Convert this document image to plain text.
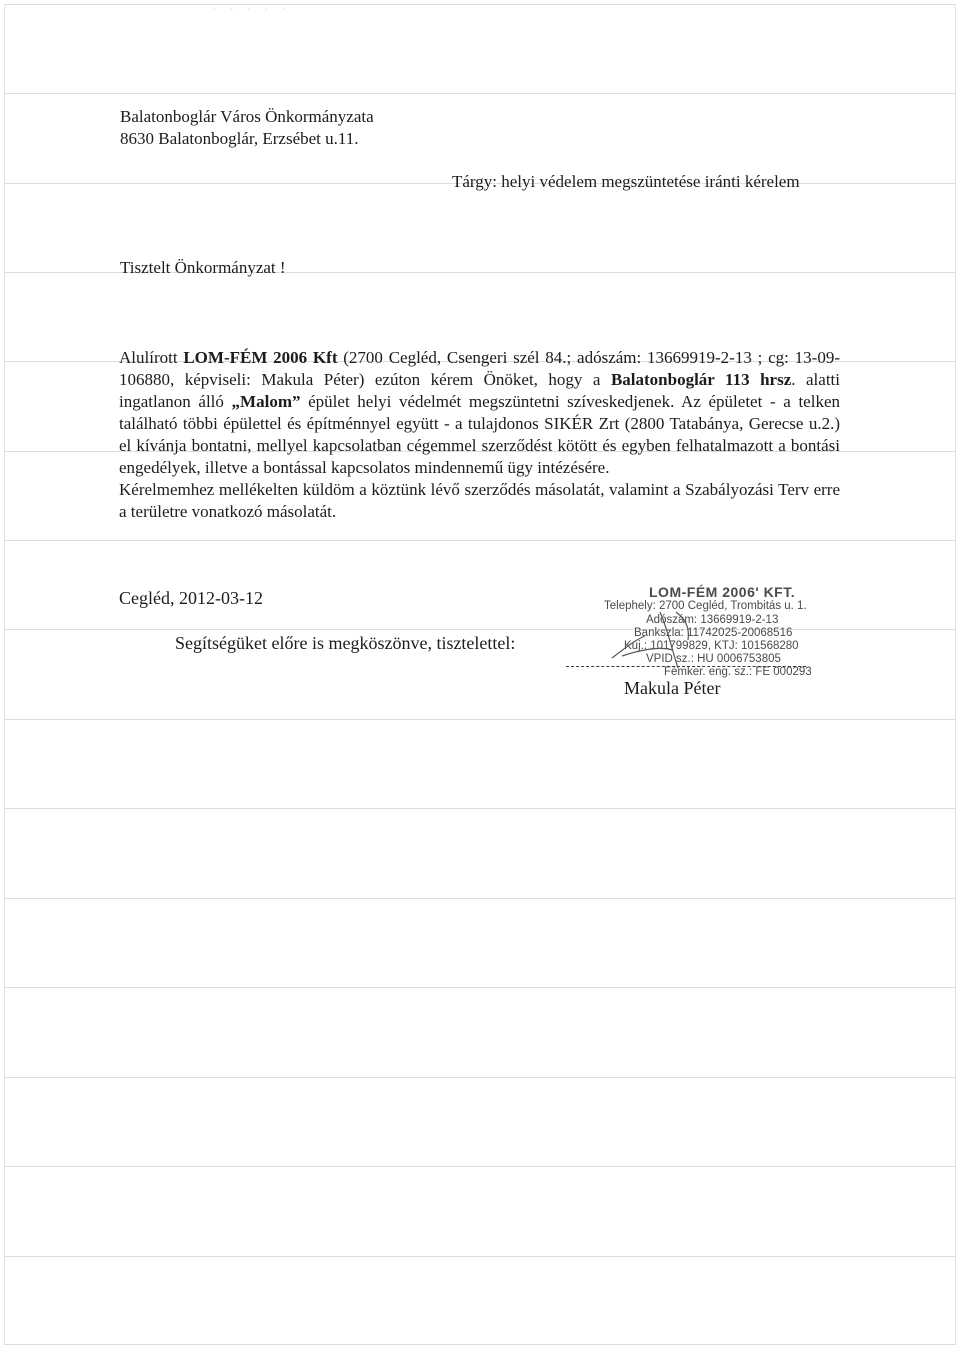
· · · · ·
Balatonboglár Város Önkormányzata
8630 Balatonboglár, Erzsébet u.11.
Tárgy: helyi védelem megszüntetése iránti kérelem
Tisztelt Önkormányzat !

Alulírott LOM-FÉM 2006 Kft (2700 Cegléd, Csengeri szél 84.; adószám: 13669919-2-13 ; cg: 13-09-106880, képviseli: Makula Péter) ezúton kérem Önöket, hogy a Balatonboglár 113 hrsz. alatti ingatlanon álló „Malom” épület helyi védelmét megszüntetni szíveskedjenek. Az épületet - a telken található többi épülettel és építménnyel együtt - a tulajdonos SIKÉR Zrt (2800 Tatabánya, Gerecse u.2.) el kívánja bontatni, mellyel kapcsolatban cégemmel szerződést kötött és egyben felhatalmazott a bontási engedélyek, illetve a bontással kapcsolatos mindennemű ügy intézésére.

Kérelmemhez mellékelten küldöm a köztünk lévő szerződés másolatát, valamint a Szabályozási Terv erre a területre vonatkozó másolatát.

Cegléd, 2012-03-12
Segítségüket előre is megköszönve, tisztelettel:
LOM-FÉM 2006' KFT.
Telephely: 2700 Cegléd, Trombitás u. 1.
Adószám: 13669919-2-13
Bankszla: 11742025-20068516
Kuj.: 101799829, KTJ: 101568280
VPID sz.: HU 0006753805
Fémker. eng. sz.: FE 000293
Makula Péter
